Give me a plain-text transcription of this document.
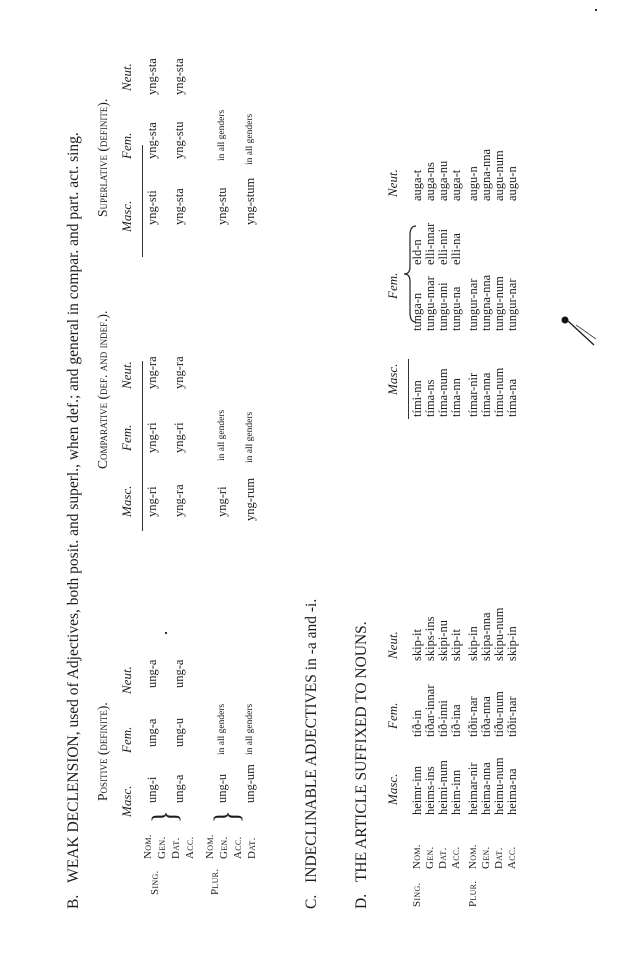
B. WEAK DECLENSION, used of Adjectives, both posit. and superl., when def.; and general in compar. and part. act. sing. Positive (definite).
Comparative (def. and indef.).
Superlative (definite).
Masc.
Fem.
Neut.
Masc.
Fem.
Neut.
Masc.
Fem.
Neut.
Sing.	Plur.
Nom. Gen. Dat. Acc.
}
Nom. Gen. Acc. Dat.
}
ung-i
ung-a
ung-a
ung-a
ung-u
ung-a
ung-u
in all genders
ung-um
in all genders
yng-ri
yng-ri
yng-ra
yng-ra
yng-ri
yng-ra
yng-ri
in all genders
yng-rum
in all genders
yng-sti
yng-sta
yng-sta
yng-sta
yng-stu
yng-sta
yng-stu
in all genders
yng-stum
in all genders
C. INDECLINABLE ADJECTIVES in -a and -i.
D. THE ARTICLE SUFFIXED TO NOUNS. Masc.
Fem.
Neut.
Masc.
Fem.
Neut.
Sing.
Nom. Gen. Dat. Acc.
Plur.
Nom. Gen. Dat. Acc.
heimr-inn
tíð-in
skip-it
heims-ins
tíðar-innar
skips-ins
heimi-num
tíð-inni
skipi-nu
heim-inn
tíð-ina
skip-it
heimar-nir
tíðir-nar
skip-in
heima-nna
tíða-nna
skipa-nna
heimu-num
tíðu-num
skipu-num
heima-na
tíðir-nar
skip-in
tími-nn
tunga-n
eld-n
auga-t
tíma-ns
tungu-nnar
elli-nnar
auga-ns
tíma-num
tungu-nni
elli-nni
auga-nu
tíma-nn
tungu-na
elli-na
auga-t
tímar-nir
tungur-nar
augu-n
tíma-nna
tungna-nna
augna-nna
tímu-num
tungu-num
augu-num
tíma-na
tungur-nar
augu-n
